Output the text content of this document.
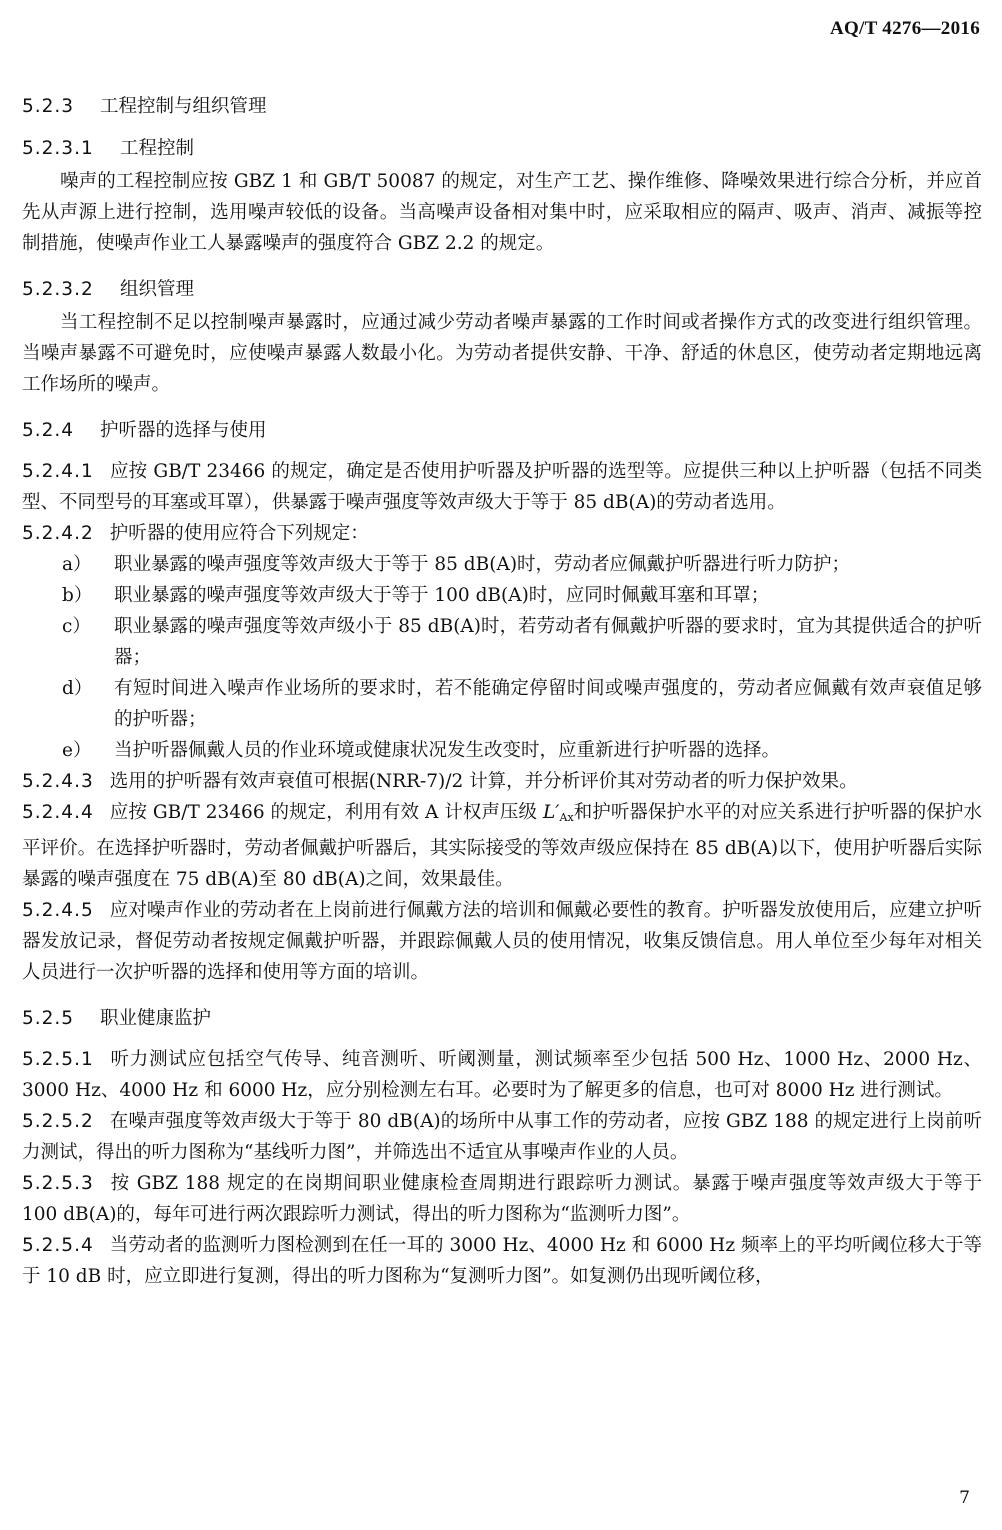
AQ/T 4276—2016

5.2.3 工程控制与组织管理

5.2.3.1 工程控制

噪声的工程控制应按 GBZ 1 和 GB/T 50087 的规定，对生产工艺、操作维修、降噪效果进行综合分析，并应首先从声源上进行控制，选用噪声较低的设备。当高噪声设备相对集中时，应采取相应的隔声、吸声、消声、减振等控制措施，使噪声作业工人暴露噪声的强度符合 GBZ 2.2 的规定。

5.2.3.2 组织管理

当工程控制不足以控制噪声暴露时，应通过减少劳动者噪声暴露的工作时间或者操作方式的改变进行组织管理。当噪声暴露不可避免时，应使噪声暴露人数最小化。为劳动者提供安静、干净、舒适的休息区，使劳动者定期地远离工作场所的噪声。

5.2.4 护听器的选择与使用

5.2.4.1 应按 GB/T 23466 的规定，确定是否使用护听器及护听器的选型等。应提供三种以上护听器（包括不同类型、不同型号的耳塞或耳罩），供暴露于噪声强度等效声级大于等于 85 dB(A)的劳动者选用。

5.2.4.2 护听器的使用应符合下列规定：

a）	职业暴露的噪声强度等效声级大于等于 85 dB(A)时，劳动者应佩戴护听器进行听力防护；
b）	职业暴露的噪声强度等效声级大于等于 100 dB(A)时，应同时佩戴耳塞和耳罩；
c）	职业暴露的噪声强度等效声级小于 85 dB(A)时，若劳动者有佩戴护听器的要求时，宜为其提供适合的护听器；
d）	有短时间进入噪声作业场所的要求时，若不能确定停留时间或噪声强度的，劳动者应佩戴有效声衰值足够的护听器；
e）	当护听器佩戴人员的作业环境或健康状况发生改变时，应重新进行护听器的选择。

5.2.4.3 选用的护听器有效声衰值可根据(NRR-7)/2 计算，并分析评价其对劳动者的听力保护效果。

5.2.4.4 应按 GB/T 23466 的规定，利用有效 A 计权声压级 $L'_{Ax}$和护听器保护水平的对应关系进行护听器的保护水平评价。在选择护听器时，劳动者佩戴护听器后，其实际接受的等效声级应保持在 85 dB(A)以下，使用护听器后实际暴露的噪声强度在 75 dB(A)至 80 dB(A)之间，效果最佳。

5.2.4.5 应对噪声作业的劳动者在上岗前进行佩戴方法的培训和佩戴必要性的教育。护听器发放使用后，应建立护听器发放记录，督促劳动者按规定佩戴护听器，并跟踪佩戴人员的使用情况，收集反馈信息。用人单位至少每年对相关人员进行一次护听器的选择和使用等方面的培训。

5.2.5 职业健康监护

5.2.5.1 听力测试应包括空气传导、纯音测听、听阈测量，测试频率至少包括 500 Hz、1000 Hz、2000 Hz、3000 Hz、4000 Hz 和 6000 Hz，应分别检测左右耳。必要时为了解更多的信息，也可对 8000 Hz 进行测试。

5.2.5.2 在噪声强度等效声级大于等于 80 dB(A)的场所中从事工作的劳动者，应按 GBZ 188 的规定进行上岗前听力测试，得出的听力图称为“基线听力图”，并筛选出不适宜从事噪声作业的人员。

5.2.5.3 按 GBZ 188 规定的在岗期间职业健康检查周期进行跟踪听力测试。暴露于噪声强度等效声级大于等于 100 dB(A)的，每年可进行两次跟踪听力测试，得出的听力图称为“监测听力图”。

5.2.5.4 当劳动者的监测听力图检测到在任一耳的 3000 Hz、4000 Hz 和 6000 Hz 频率上的平均听阈位移大于等于 10 dB 时，应立即进行复测，得出的听力图称为“复测听力图”。如复测仍出现听阈位移，

7
